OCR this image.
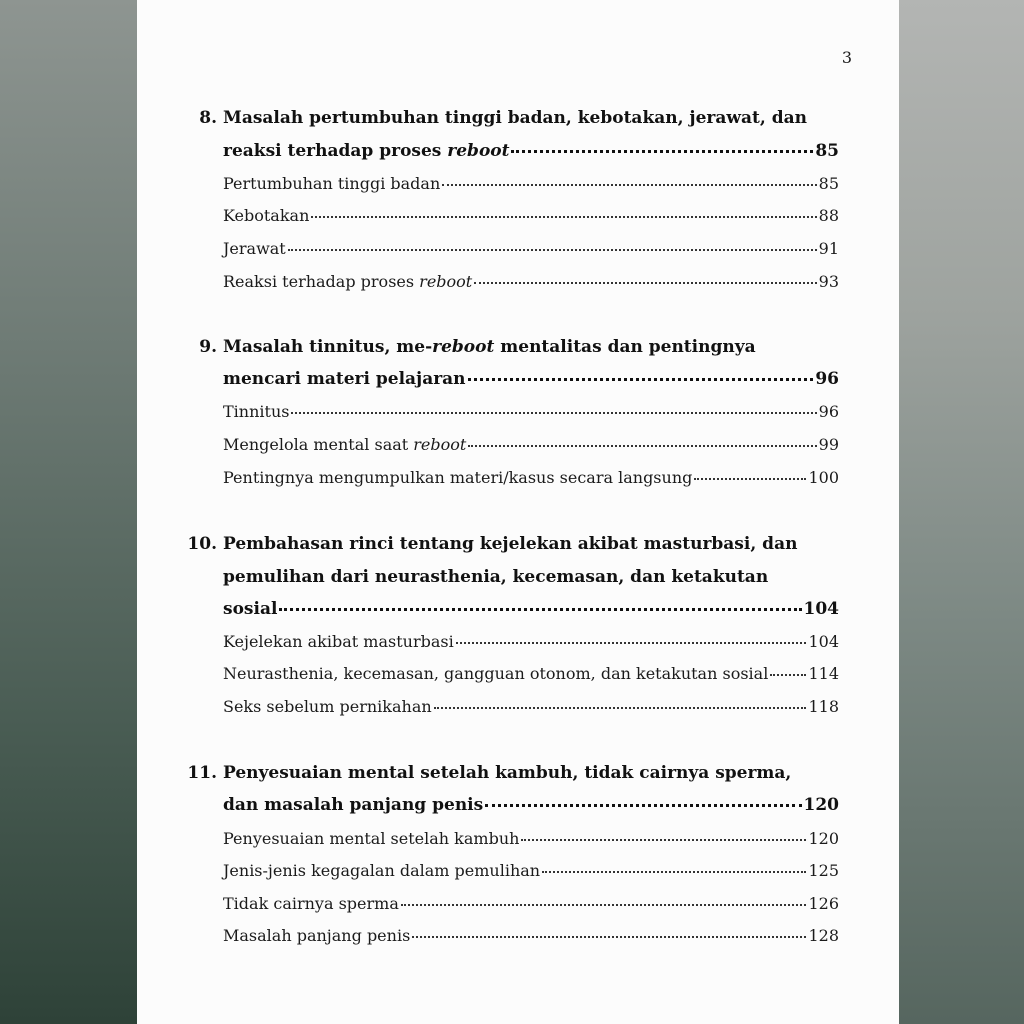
3
8. Masalah pertumbuhan tinggi badan, kebotakan, jerawat, dan
reaksi terhadap proses reboot	85
Pertumbuhan tinggi badan	85
Kebotakan	88
Jerawat	91
Reaksi terhadap proses reboot	93
9. Masalah tinnitus, me-reboot mentalitas dan pentingnya
mencari materi pelajaran	96
Tinnitus	96
Mengelola mental saat reboot	99
Pentingnya mengumpulkan materi/kasus secara langsung	100
10. Pembahasan rinci tentang kejelekan akibat masturbasi, dan
pemulihan dari neurasthenia, kecemasan, dan ketakutan
sosial	104
Kejelekan akibat masturbasi	104
Neurasthenia, kecemasan, gangguan otonom, dan ketakutan sosial	114
Seks sebelum pernikahan	118
11. Penyesuaian mental setelah kambuh, tidak cairnya sperma,
dan masalah panjang penis	120
Penyesuaian mental setelah kambuh	120
Jenis-jenis kegagalan dalam pemulihan	125
Tidak cairnya sperma	126
Masalah panjang penis	128
